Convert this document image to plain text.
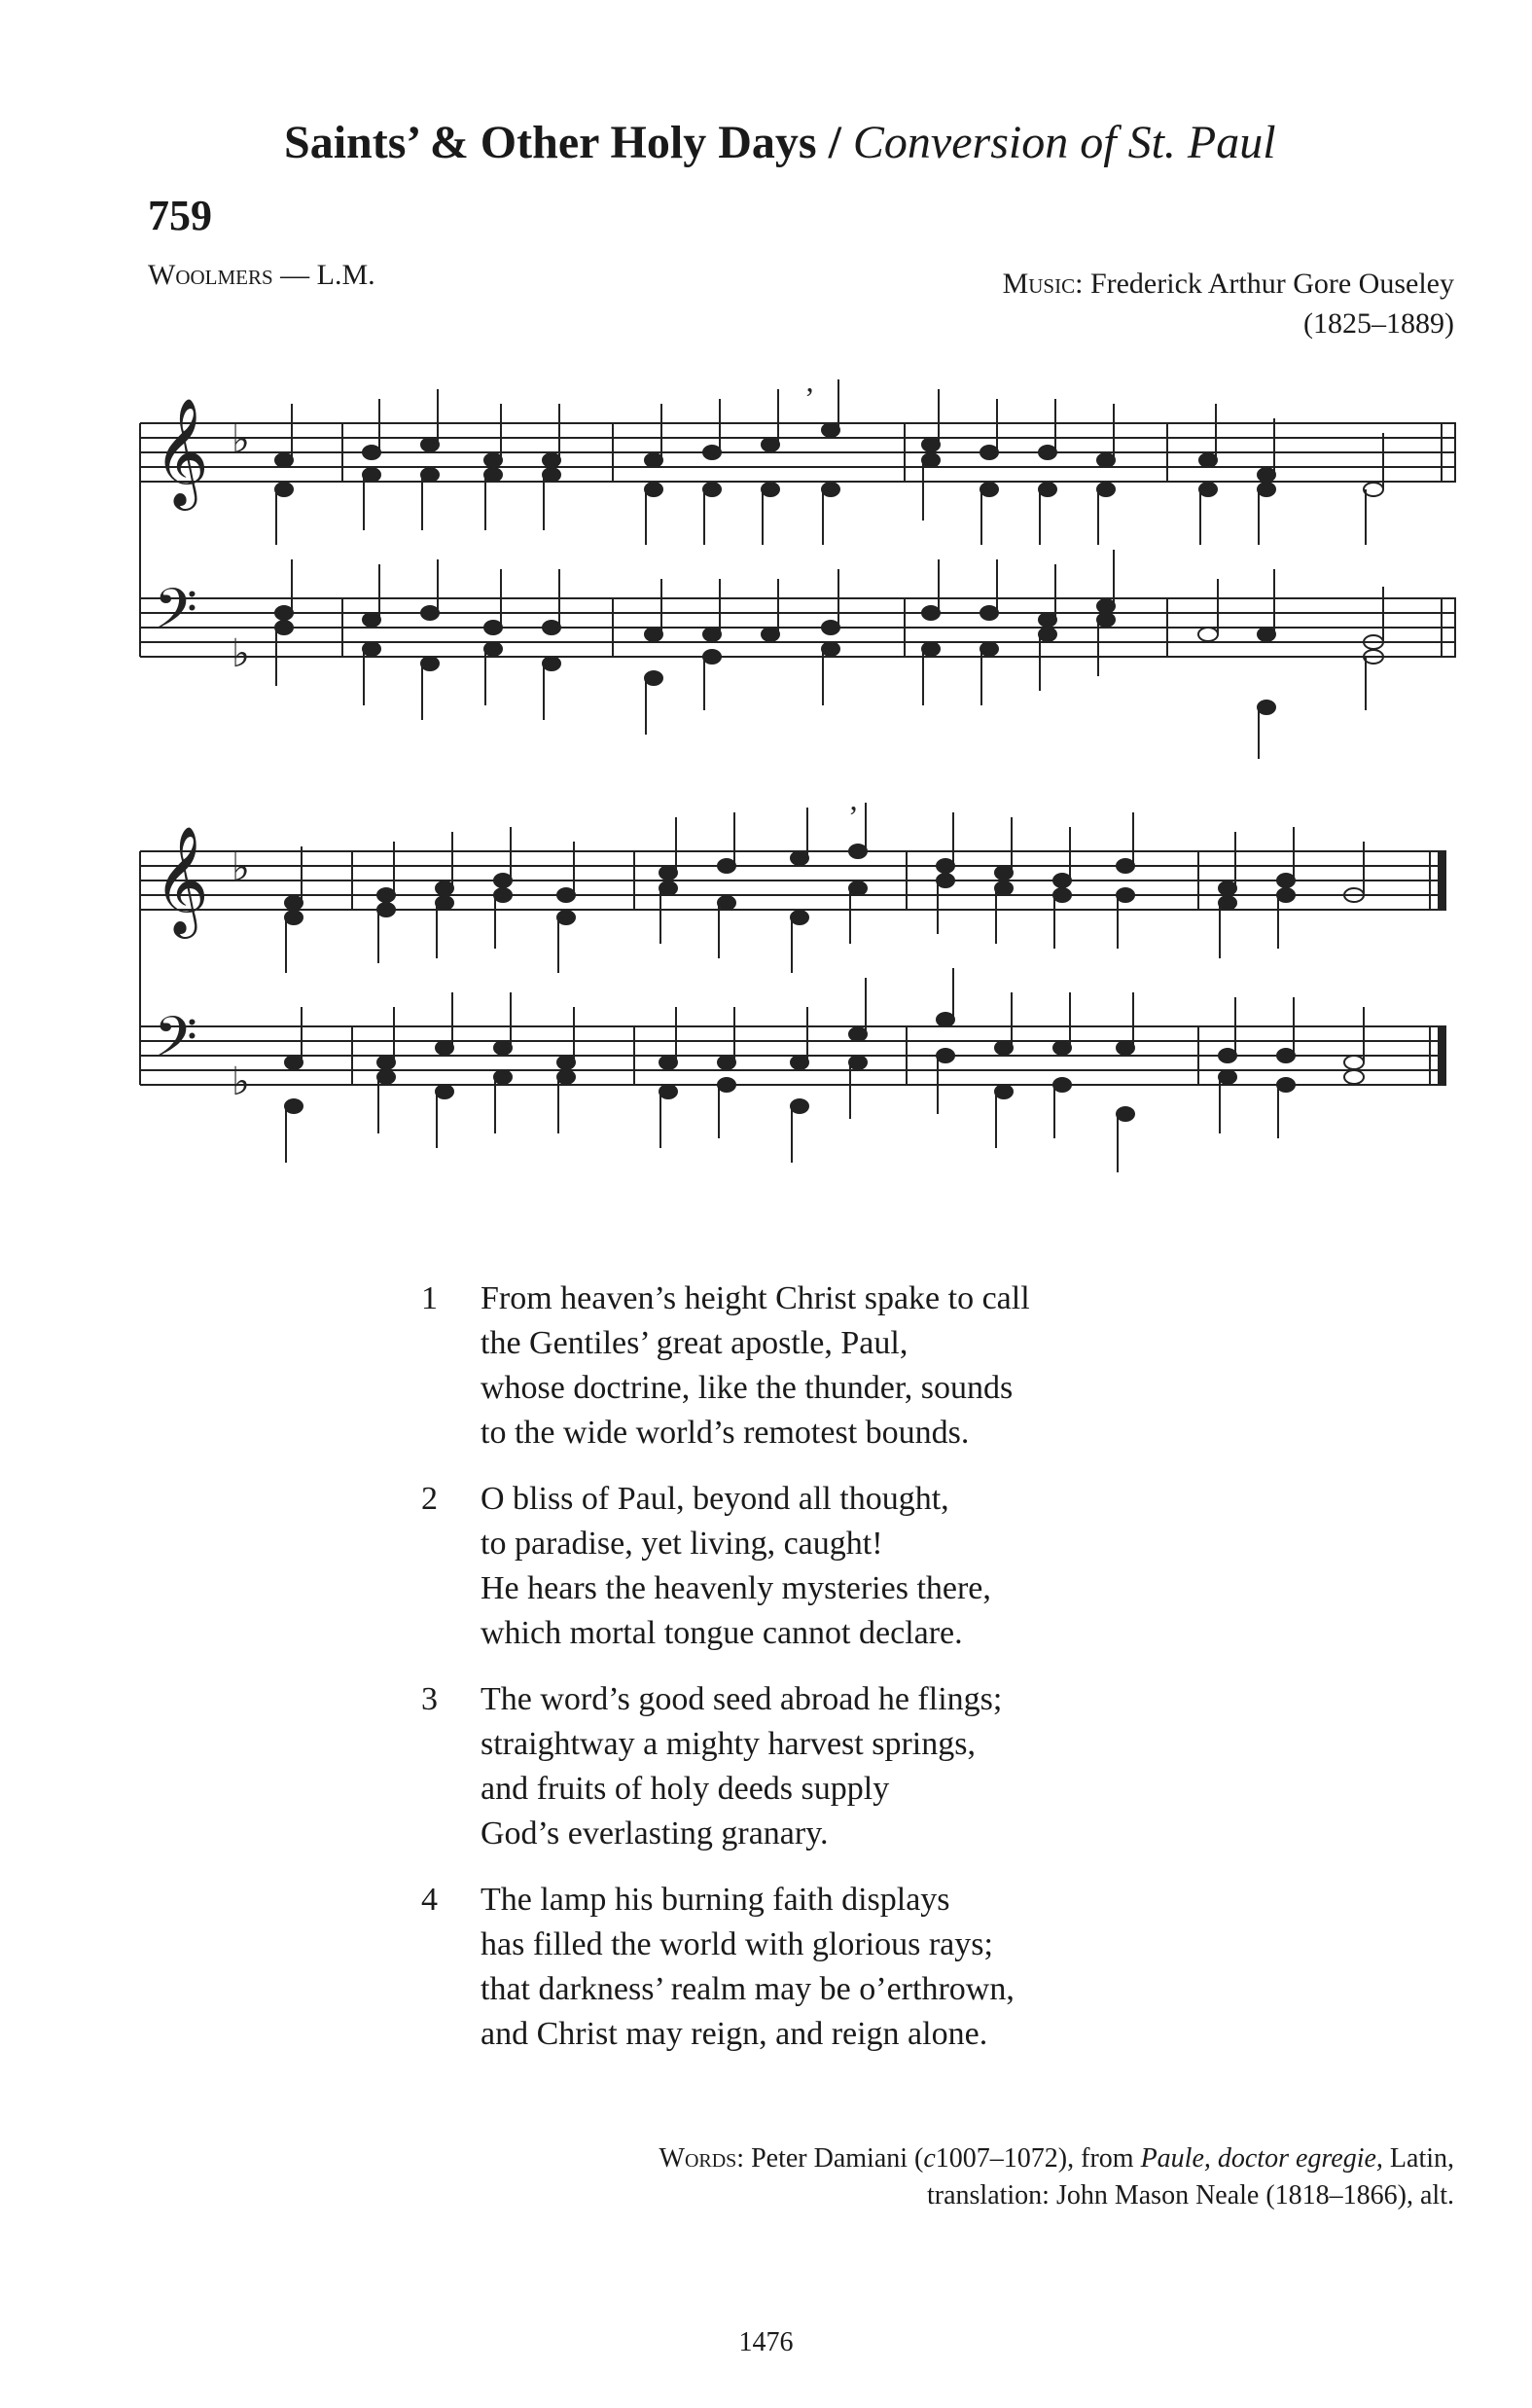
Saints’ & Other Holy Days / Conversion of St. Paul
759
Woolmers — L.M.	Music: Frederick Arthur Gore Ouseley
(1825–1889)
𝄞
𝄢
♭
♭
’
𝄞
𝄢
♭
♭
’
1 From heaven’s height Christ spake to call
the Gentiles’ great apostle, Paul,
whose doctrine, like the thunder, sounds
to the wide world’s remotest bounds.
2 O bliss of Paul, beyond all thought,
to paradise, yet living, caught!
He hears the heavenly mysteries there,
which mortal tongue cannot declare.
3 The word’s good seed abroad he flings;
straightway a mighty harvest springs,
and fruits of holy deeds supply
God’s everlasting granary.
4 The lamp his burning faith displays
has filled the world with glorious rays;
that darkness’ realm may be o’erthrown,
and Christ may reign, and reign alone.
Words: Peter Damiani (c1007–1072), from Paule, doctor egregie, Latin,
translation: John Mason Neale (1818–1866), alt.
1476
